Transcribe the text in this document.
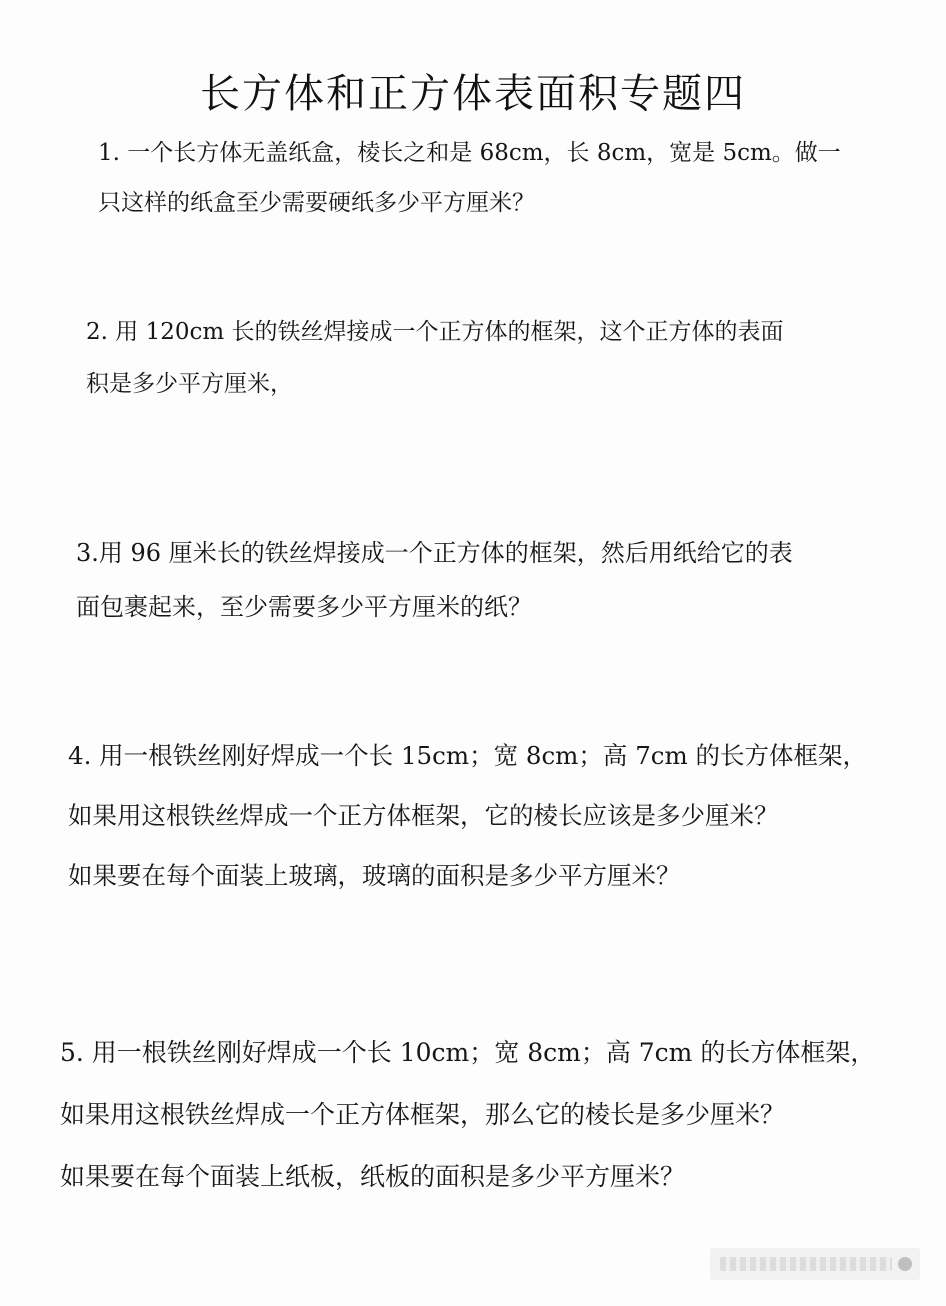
长方体和正方体表面积专题四

1. 一个长方体无盖纸盒，棱长之和是 68cm，长 8cm，宽是 5cm。做一
只这样的纸盒至少需要硬纸多少平方厘米？

2. 用 120cm 长的铁丝焊接成一个正方体的框架，这个正方体的表面
积是多少平方厘米，

3.用 96 厘米长的铁丝焊接成一个正方体的框架，然后用纸给它的表
面包裹起来，至少需要多少平方厘米的纸？

4. 用一根铁丝刚好焊成一个长 15cm；宽 8cm；高 7cm 的长方体框架，
如果用这根铁丝焊成一个正方体框架，它的棱长应该是多少厘米？
如果要在每个面装上玻璃，玻璃的面积是多少平方厘米？

5. 用一根铁丝刚好焊成一个长 10cm；宽 8cm；高 7cm 的长方体框架，
如果用这根铁丝焊成一个正方体框架，那么它的棱长是多少厘米？
如果要在每个面装上纸板，纸板的面积是多少平方厘米？
